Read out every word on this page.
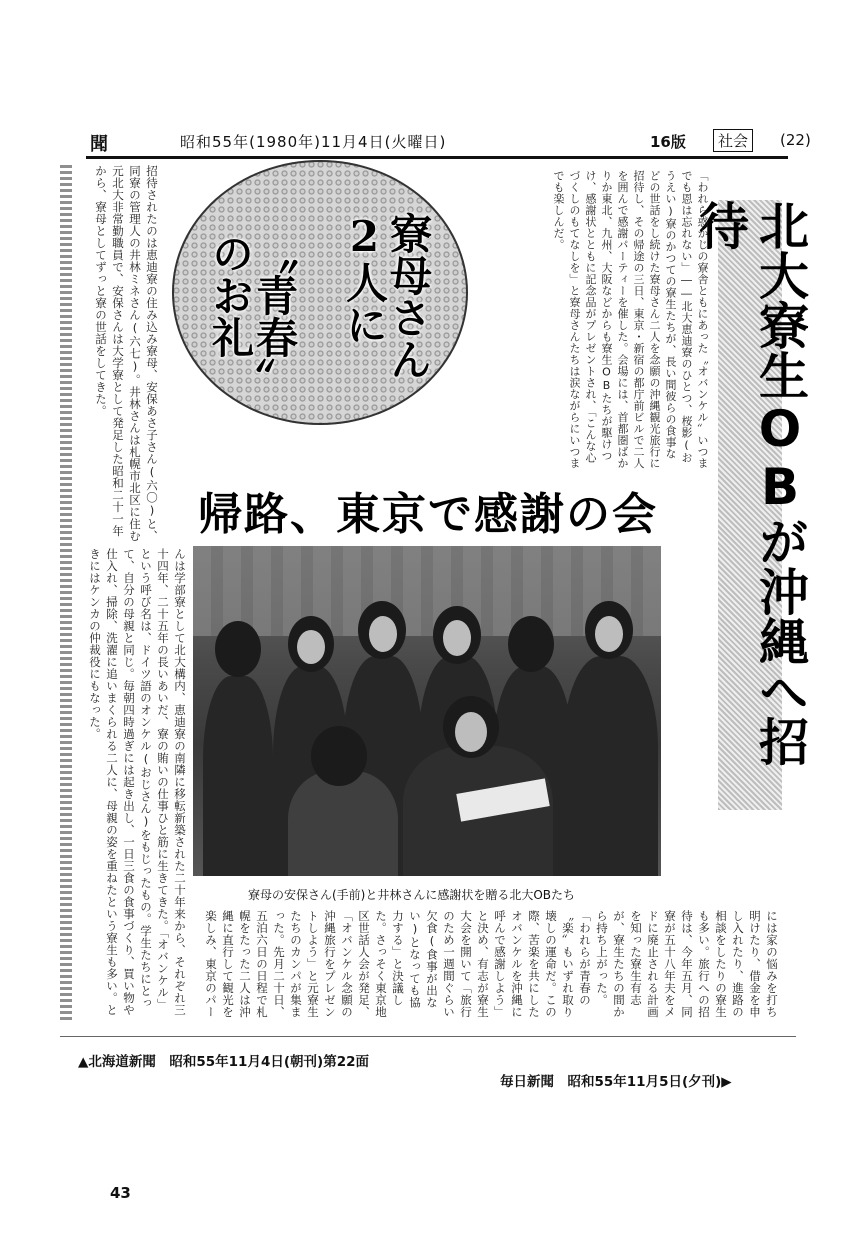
聞	昭和55年(1980年)11月4日(火曜日)	16版	社会	(22)
北大寮生OBが沖縄へ招待
「われら惑かじの寮舎ともにあった〝オバンケル〟いつまでも恩は忘れない」――北大恵迪寮のひとつ、桜影(おうえい)寮のかつての寮生たちが、長い間彼らの食事などの世話をし続けた寮母さん二人を念願の沖縄観光旅行に招待し、その帰途の三日、東京・新宿の都庁前ビルで二人を囲んで感謝パーティーを催した。会場には、首都圏ばかりか東北、九州、大阪などからも寮生OBたちが駆けつけ、感謝状とともに記念品がプレゼントされ、「こんな心づくしのもてなしを」と寮母さんたちは涙ながらにいつまでも楽しんだ。
寮母さん2人に
〝青春〟のお礼
招待されたのは恵迪寮の住み込み寮母、安保あさ子さん(六〇)と、同寮の管理人の井林ミネさん(六七)。井林さんは札幌市北区に住む元北大非常勤職員で、安保さんは大学寮として発足した昭和二十一年から、寮母としてずっと寮の世話をしてきた。
帰路、東京で感謝の会
んは学部寮として北大構内、恵迪寮の南隣に移転新築された二十年来から、それぞれ三十四年、二十五年の長いあいだ、寮の賄いの仕事ひと筋に生きてきた。「オバンケル」という呼び名は、ドイツ語のオンケル(おじさん)をもじったもの。学生たちにとって、自分の母親と同じ。毎朝四時過ぎには起き出し、一日三食の食事づくり、買い物や仕入れ、掃除、洗濯に追いまくられる二人に、母親の姿を重ねたという寮生も多い。ときにはケンカの仲裁役にもなった。
寮母の安保さん(手前)と井林さんに感謝状を贈る北大OBたち
には家の悩みを打ち明けたり、借金を申し入れたり、進路の相談をしたりの寮生も多い。旅行への招待は、今年五月、同寮が五十八年夫をメドに廃止される計画を知った寮生有志が、寮生たちの間から持ち上がった。「われらが青春の〝楽〟もいずれ取り壊しの運命だ。この際、苦楽を共にしたオバンケルを沖縄に呼んで感謝しよう」と決め、有志が寮生大会を開いて「旅行のため一週間ぐらい欠食(食事が出ない)となっても協力する」と決議した。さっそく東京地区世話人会が発足、「オバンケル念願の沖縄旅行をプレゼントしよう」と元寮生たちのカンパが集まった。先月二十日、五泊六日の日程で札幌をたった二人は沖縄に直行して観光を楽しみ、東京のパー
▲北海道新聞　昭和55年11月4日(朝刊)第22面
毎日新聞　昭和55年11月5日(夕刊)▶
43
